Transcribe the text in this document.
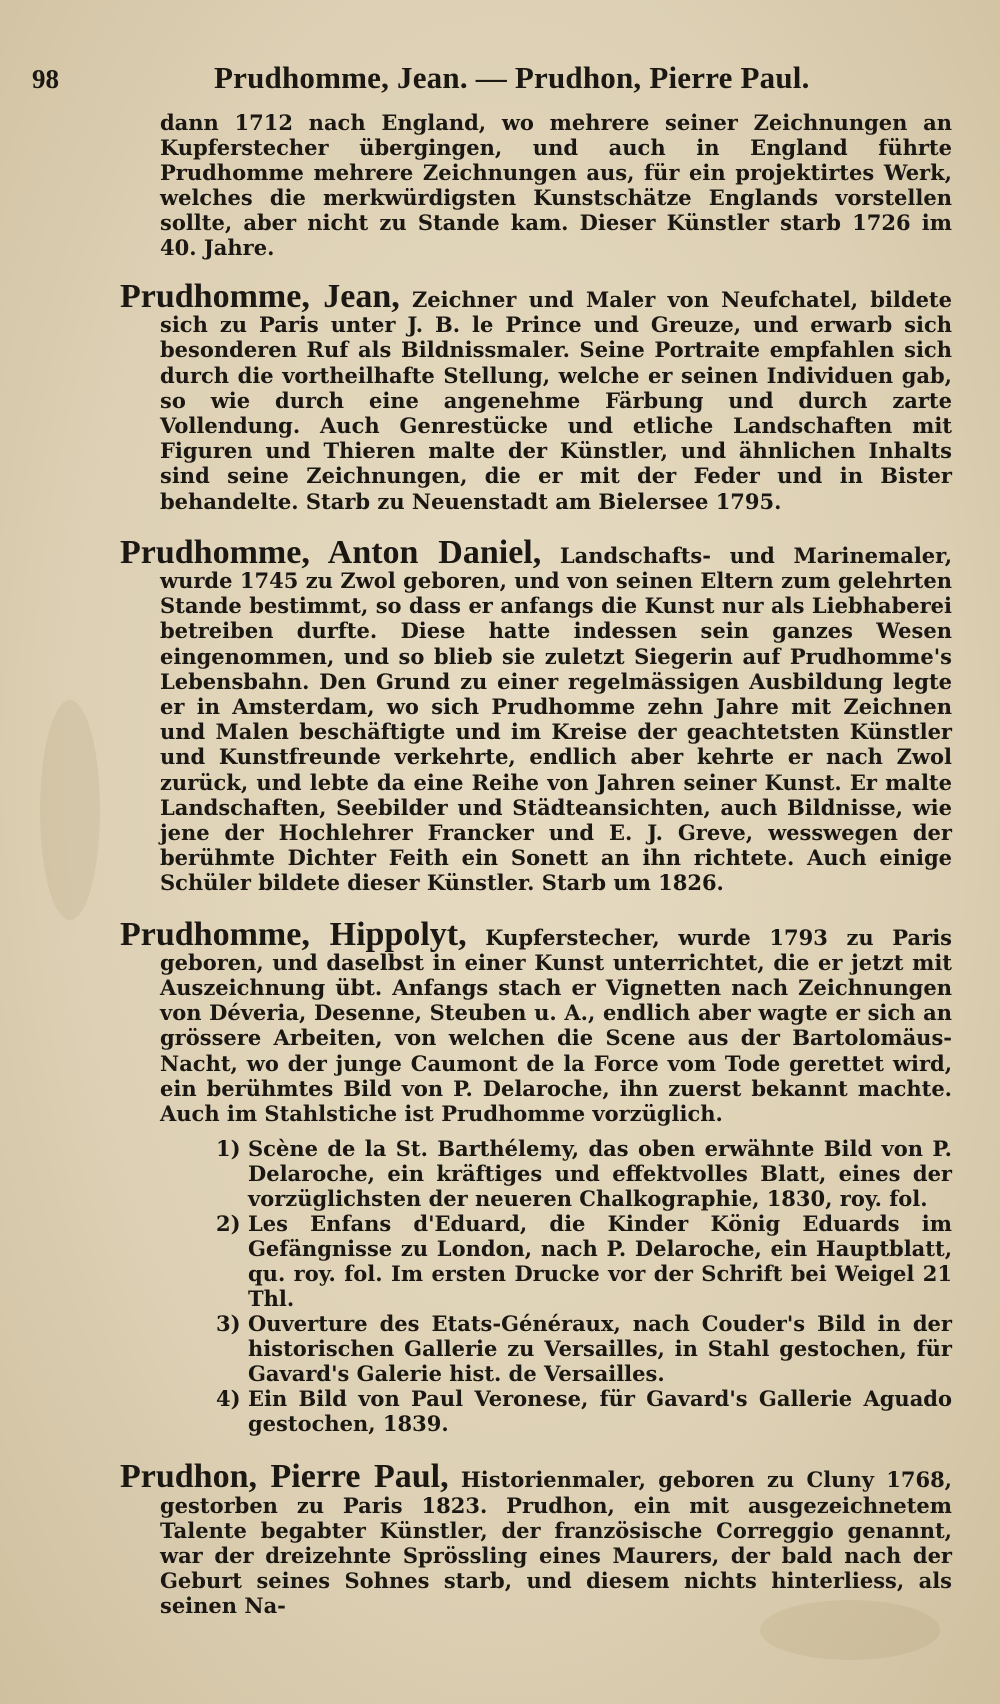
98	Prudhomme, Jean. — Prudhon, Pierre Paul.

dann 1712 nach England, wo mehrere seiner Zeichnungen an Kupferstecher übergingen, und auch in England führte Prudhomme mehrere Zeichnungen aus, für ein projektirtes Werk, welches die merkwürdigsten Kunstschätze Englands vorstellen sollte, aber nicht zu Stande kam. Dieser Künstler starb 1726 im 40. Jahre.

Prudhomme, Jean, Zeichner und Maler von Neufchatel, bildete sich zu Paris unter J. B. le Prince und Greuze, und erwarb sich besonderen Ruf als Bildnissmaler. Seine Portraite empfahlen sich durch die vortheilhafte Stellung, welche er seinen Individuen gab, so wie durch eine angenehme Färbung und durch zarte Vollendung. Auch Genrestücke und etliche Landschaften mit Figuren und Thieren malte der Künstler, und ähnlichen Inhalts sind seine Zeichnungen, die er mit der Feder und in Bister behandelte. Starb zu Neuenstadt am Bielersee 1795.

Prudhomme, Anton Daniel, Landschafts- und Marinemaler, wurde 1745 zu Zwol geboren, und von seinen Eltern zum gelehrten Stande bestimmt, so dass er anfangs die Kunst nur als Liebhaberei betreiben durfte. Diese hatte indessen sein ganzes Wesen eingenommen, und so blieb sie zuletzt Siegerin auf Prudhomme's Lebensbahn. Den Grund zu einer regelmässigen Ausbildung legte er in Amsterdam, wo sich Prudhomme zehn Jahre mit Zeichnen und Malen beschäftigte und im Kreise der geachtetsten Künstler und Kunstfreunde verkehrte, endlich aber kehrte er nach Zwol zurück, und lebte da eine Reihe von Jahren seiner Kunst. Er malte Landschaften, Seebilder und Städteansichten, auch Bildnisse, wie jene der Hochlehrer Francker und E. J. Greve, wesswegen der berühmte Dichter Feith ein Sonett an ihn richtete. Auch einige Schüler bildete dieser Künstler. Starb um 1826.

Prudhomme, Hippolyt, Kupferstecher, wurde 1793 zu Paris geboren, und daselbst in einer Kunst unterrichtet, die er jetzt mit Auszeichnung übt. Anfangs stach er Vignetten nach Zeichnungen von Déveria, Desenne, Steuben u. A., endlich aber wagte er sich an grössere Arbeiten, von welchen die Scene aus der Bartolomäus-Nacht, wo der junge Caumont de la Force vom Tode gerettet wird, ein berühmtes Bild von P. Delaroche, ihn zuerst bekannt machte. Auch im Stahlstiche ist Prudhomme vorzüglich.

1) Scène de la St. Barthélemy, das oben erwähnte Bild von P. Delaroche, ein kräftiges und effektvolles Blatt, eines der vorzüglichsten der neueren Chalkographie, 1830, roy. fol.
2) Les Enfans d'Eduard, die Kinder König Eduards im Gefängnisse zu London, nach P. Delaroche, ein Hauptblatt, qu. roy. fol. Im ersten Drucke vor der Schrift bei Weigel 21 Thl.
3) Ouverture des Etats-Généraux, nach Couder's Bild in der historischen Gallerie zu Versailles, in Stahl gestochen, für Gavard's Galerie hist. de Versailles.
4) Ein Bild von Paul Veronese, für Gavard's Gallerie Aguado gestochen, 1839.

Prudhon, Pierre Paul, Historienmaler, geboren zu Cluny 1768, gestorben zu Paris 1823. Prudhon, ein mit ausgezeichnetem Talente begabter Künstler, der französische Correggio genannt, war der dreizehnte Sprössling eines Maurers, der bald nach der Geburt seines Sohnes starb, und diesem nichts hinterliess, als seinen Na-
